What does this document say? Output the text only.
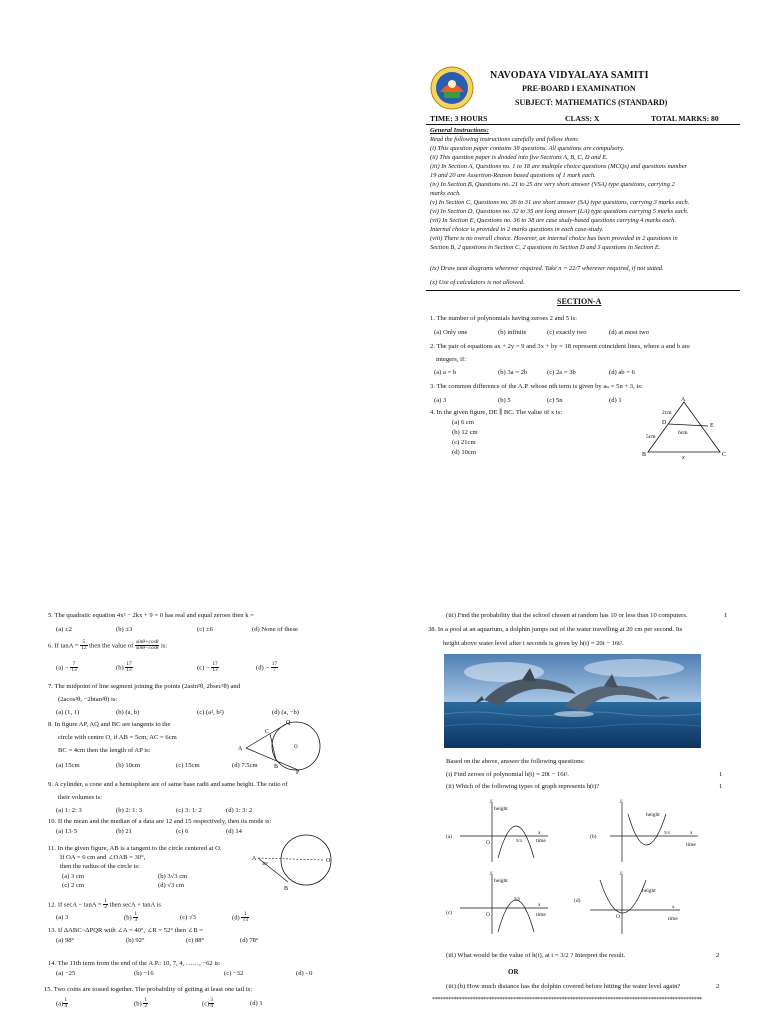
NAVODAYA VIDYALAYA SAMITI
PRE-BOARD I EXAMINATION
SUBJECT: MATHEMATICS (STANDARD)
TIME: 3 HOURS	CLASS: X	TOTAL MARKS: 80
General Instructions:
Read the following instructions carefully and follow them:
(i) This question paper contains 38 questions. All questions are compulsory.
(ii) This question paper is divided into five Sections A, B, C, D and E.
(iii) In Section A, Questions no. 1 to 18 are multiple choice questions (MCQs) and questions number
19 and 20 are Assertion-Reason based questions of 1 mark each.
(iv) In Section B, Questions no. 21 to 25 are very short answer (VSA) type questions, carrying 2
marks each.
(v) In Section C, Questions no. 26 to 31 are short answer (SA) type questions, carrying 3 marks each.
(vi) In Section D, Questions no. 32 to 35 are long answer (LA) type questions carrying 5 marks each.
(vii) In Section E, Questions no. 36 to 38 are case study-based questions carrying 4 marks each.
Internal choice is provided in 2 marks questions in each case-study.
(viii) There is no overall choice. However, an internal choice has been provided in 2 questions in
Section B, 2 questions in Section C, 2 questions in Section D and 3 questions in Section E.
(ix) Draw neat diagrams wherever required. Take π = 22/7 wherever required, if not stated.
(x) Use of calculators is not allowed.
SECTION-A
1. The number of polynomials having zeroes 2 and 5 is:
(a) Only one	(b) infinite	(c) exactly two	(d) at most two
2. The pair of equations ax + 2y = 9 and 3x + by = 18 represent coincident lines, where a and b are
integers, if:
(a) a = b	(b) 3a = 2b	(c) 2a = 3b	(d) ab = 6
3. The common difference of the A.P. whose nth term is given by aₙ = 5n + 3, is:
(a) 3	(b) 5	(c) 5n	(d) 1
4. In the given figure, DE ∥ BC. The value of x is:
(a) 6 cm
(b) 12 cm
(c) 21cm
(d) 10cm
A
B	C
D	E
x
2cm
5cm
6cm
5. The quadratic equation 4x² − 2kx + 9 = 0 has real and equal zeroes then k =
(a) ±2	(b) ±3	(c) ±6	(d) None of these
6. If $\tan A = \frac{5}{12}$ then the value of $\frac{\sin\theta+\cos\theta}{\sin\theta-\cos\theta}$ is:
$(a) - \frac{7}{13}$	$(b) \frac{17}{13}$	$(c) - \frac{17}{13}$	$(d) - \frac{17}{7}$
7. The midpoint of line segment joining the points (2asin²θ, 2bsec²θ) and
(2acos²θ, −2btan²θ) is:
(a) (1, 1)	(b) (a, b)	(c) (a², b²)	(d) (a, −b)
8. In figure AP, AQ and BC are tangents to the
circle with centre O, if AB = 5cm, AC = 6cm
BC = 4cm then the length of AP is:
(a) 15cm	(b) 10cm	(c) 15cm	(d) 7.5cm
A
C
B
Q
P
O
9. A cylinder, a cone and a hemisphere are of same base radii and same height. The ratio of
their volumes is:
(a) 1: 2: 3	(b) 2: 1: 3	(c) 3: 1: 2	(d) 1: 3: 2
10. If the mean and the median of a data are 12 and 15 respectively, then its mode is:
(a) 13·5	(b) 21	(c) 6	(d) 14
11. In the given figure, AB is a tangent to the circle centered at O.
If OA = 6 cm and ∠OAB = 30°,
then the radius of the circle is:
(a) 3 cm	(b) 3√3 cm
(c) 2 cm	(d) √3 cm
A
B
O
30°
12. If $\sec A - \tan A = \frac{1}{2}$ then secA + tanA is
(a) 3	$(b) \frac{1}{3}$	(c) √3	$(d) \frac{1}{√3}$
13. If ΔABC~ΔPQR with ∠A = 40°, ∠R = 52° then ∠B =
(a) 98°	(b) 92°	(c) 88°	(d) 78°
14. The 11th term from the end of the A.P.: 10, 7, 4, ……, −62 is:
(a) −25	(b) −16	(c) −32	(d) - 0
15. Two coins are tossed together. The probability of getting at least one tail is:
$(a) \frac{1}{4}$	$(b) \frac{1}{2}$	$(c) \frac{3}{4}$	(d) 1
(iii) Find the probability that the school chosen at random has 10 or less than 10 computers.	1
38. In a pool at an aquarium, a dolphin jumps out of the water travelling at 20 cm per second. Its
height above water level after t seconds is given by h(t) = 20t − 16t².
Based on the above, answer the following questions:
(i) Find zeroes of polynomial h(t) = 20t − 16t².	1
(ii) Which of the following types of graph represents h(t)?	1
(a)
y
height
x
time
O	5/4
(b)
y
height
x
time
5/4
(c)
y
height
x
time
O
5/4	(d)
y
height
x
time
O
(iii) What would be the value of h(t), at t = 3/2 ? Interpret the result.	2
OR
(iii) (b) How much distance has the dolphin covered before hitting the water level again?	2
****************************************************************************************************
